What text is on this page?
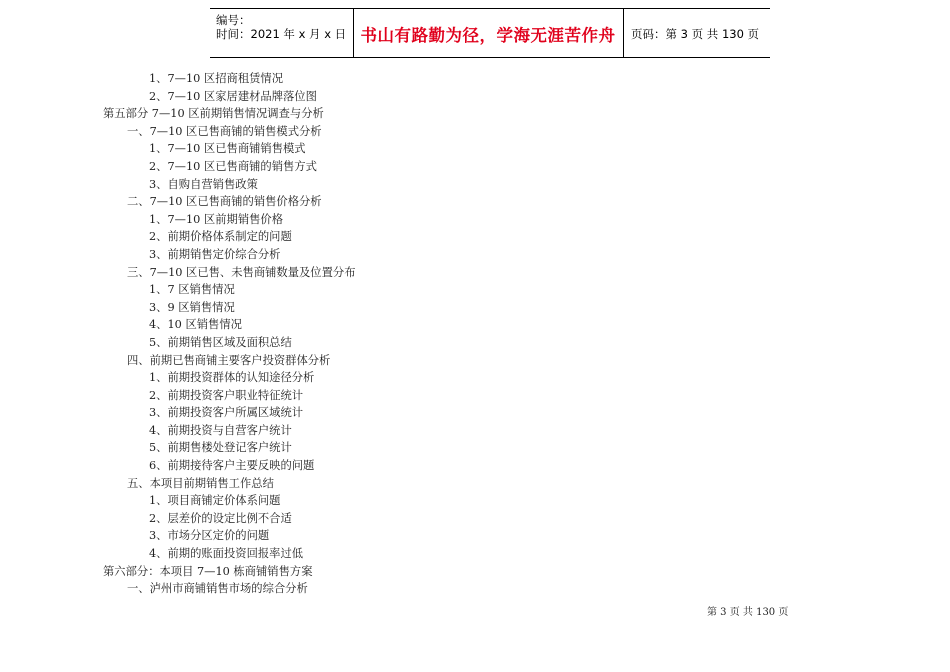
编号：
时间：2021 年 x 月 x 日 书山有路勤为径，学海无涯苦作舟	页码：第 3 页 共 130 页
1、7—10 区招商租赁情况
2、7—10 区家居建材品牌落位图
第五部分 7—10 区前期销售情况调查与分析
一、7—10 区已售商铺的销售模式分析
1、7—10 区已售商铺销售模式
2、7—10 区已售商铺的销售方式
3、自购自营销售政策
二、7—10 区已售商铺的销售价格分析
1、7—10 区前期销售价格
2、前期价格体系制定的问题
3、前期销售定价综合分析
三、7—10 区已售、未售商铺数量及位置分布
1、7 区销售情况
3、9 区销售情况
4、10 区销售情况
5、前期销售区域及面积总结
四、前期已售商铺主要客户投资群体分析
1、前期投资群体的认知途径分析
2、前期投资客户职业特征统计
3、前期投资客户所属区域统计
4、前期投资与自营客户统计
5、前期售楼处登记客户统计
6、前期接待客户主要反映的问题
五、本项目前期销售工作总结
1、项目商铺定价体系问题
2、层差价的设定比例不合适
3、市场分区定价的问题
4、前期的账面投资回报率过低
第六部分：本项目 7—10 栋商铺销售方案
一、泸州市商铺销售市场的综合分析
第 3 页 共 130 页
